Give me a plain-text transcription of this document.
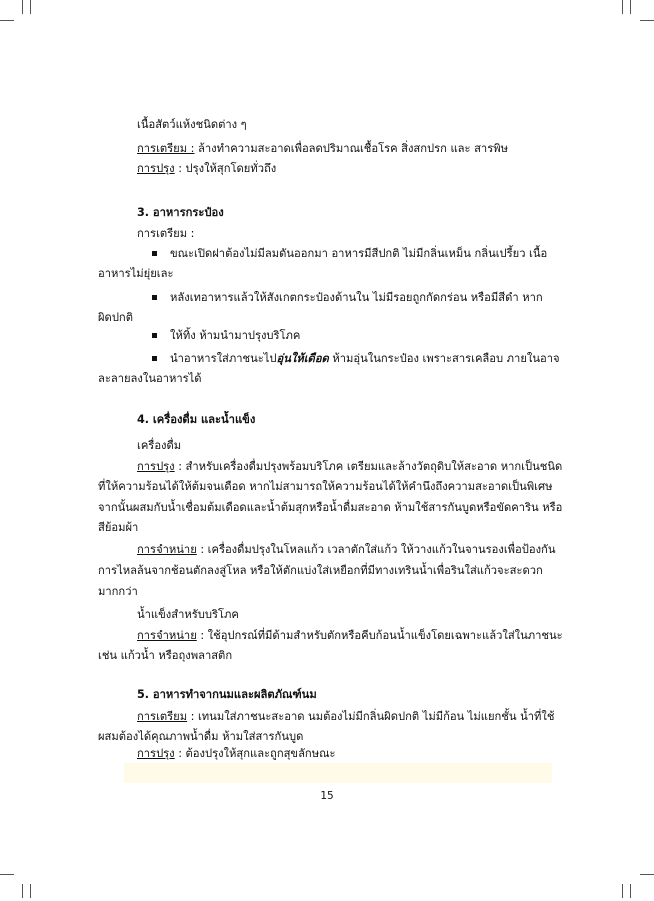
เนื้อสัตว์แห้งชนิดต่าง ๆ
การเตรียม : ล้างทำความสะอาดเพื่อลดปริมาณเชื้อโรค สิ่งสกปรก และ สารพิษ
การปรุง : ปรุงให้สุกโดยทั่วถึง
3. อาหารกระป๋อง
การเตรียม :
ขณะเปิดฝาต้องไม่มีลมดันออกมา อาหารมีสีปกติ ไม่มีกลิ่นเหม็น กลิ่นเปรี้ยว เนื้อ
อาหารไม่ยุ่ยเละ
หลังเทอาหารแล้วให้สังเกตกระป๋องด้านใน ไม่มีรอยถูกกัดกร่อน หรือมีสีดำ หาก
ผิดปกติ
ให้ทิ้ง ห้ามนำมาปรุงบริโภค
นำอาหารใส่ภาชนะไปอุ่นให้เดือด ห้ามอุ่นในกระป๋อง เพราะสารเคลือบ ภายในอาจ
ละลายลงในอาหารได้
4. เครื่องดื่ม และน้ำแข็ง
เครื่องดื่ม
การปรุง : สำหรับเครื่องดื่มปรุงพร้อมบริโภค เตรียมและล้างวัตถุดิบให้สะอาด หากเป็นชนิด
ที่ให้ความร้อนได้ให้ต้มจนเดือด หากไม่สามารถให้ความร้อนได้ให้คำนึงถึงความสะอาดเป็นพิเศษ
จากนั้นผสมกับน้ำเชื่อมต้มเดือดและน้ำต้มสุกหรือน้ำดื่มสะอาด ห้ามใช้สารกันบูดหรือขัดคาริน หรือ
สีย้อมผ้า
การจำหน่าย : เครื่องดื่มปรุงในโหลแก้ว เวลาตักใส่แก้ว ให้วางแก้วในจานรองเพื่อป้องกัน
การไหลล้นจากช้อนตักลงสู่โหล หรือให้ตักแบ่งใส่เหยือกที่มีทางเทรินน้ำเพื่อรินใส่แก้วจะสะดวก
มากกว่า
น้ำแข็งสำหรับบริโภค
การจำหน่าย : ใช้อุปกรณ์ที่มีด้ามสำหรับตักหรือคีบก้อนน้ำแข็งโดยเฉพาะแล้วใส่ในภาชนะ
เช่น แก้วน้ำ หรือถุงพลาสติก
5. อาหารทำจากนมและผลิตภัณฑ์นม
การเตรียม : เทนมใส่ภาชนะสะอาด นมต้องไม่มีกลิ่นผิดปกติ ไม่มีก้อน ไม่แยกชั้น น้ำที่ใช้
ผสมต้องได้คุณภาพน้ำดื่ม ห้ามใส่สารกันบูด
การปรุง : ต้องปรุงให้สุกและถูกสุขลักษณะ
15
